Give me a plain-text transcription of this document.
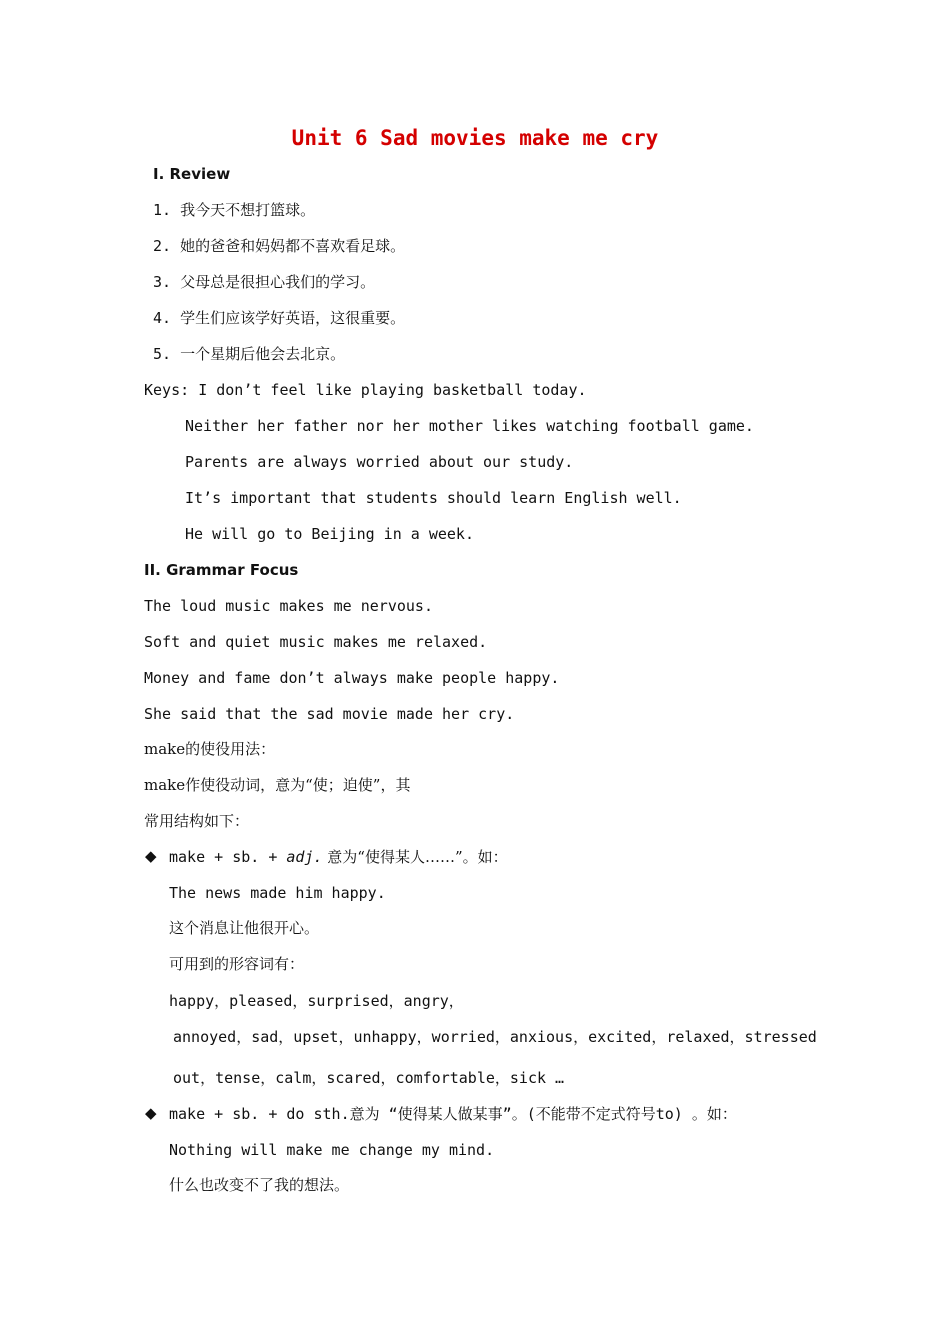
Unit 6 Sad movies make me cry
I. Review
1. 我今天不想打篮球。
2. 她的爸爸和妈妈都不喜欢看足球。
3. 父母总是很担心我们的学习。
4. 学生们应该学好英语，这很重要。
5. 一个星期后他会去北京。
Keys: I don’t feel like playing basketball today.
Neither her father nor her mother likes watching football game.
Parents are always worried about our study.
It’s important that students should learn English well.
He will go to Beijing in a week.
II. Grammar Focus
The loud music makes me nervous.
Soft and quiet music makes me relaxed.
Money and fame don’t always make people happy.
She said that the sad movie made her cry.
make的使役用法：
make作使役动词，意为“使；迫使”，其
常用结构如下：
◆ make + sb. + adj. 意为“使得某人……”。如：
The news made him happy.
这个消息让他很开心。
可用到的形容词有：
happy，pleased，surprised，angry，
annoyed，sad，upset，unhappy，worried，anxious，excited，relaxed，stressed
out，tense，calm，scared，comfortable，sick …
◆ make + sb. + do sth.意为 “使得某人做某事”。(不能带不定式符号to) 。如：
Nothing will make me change my mind.
什么也改变不了我的想法。
